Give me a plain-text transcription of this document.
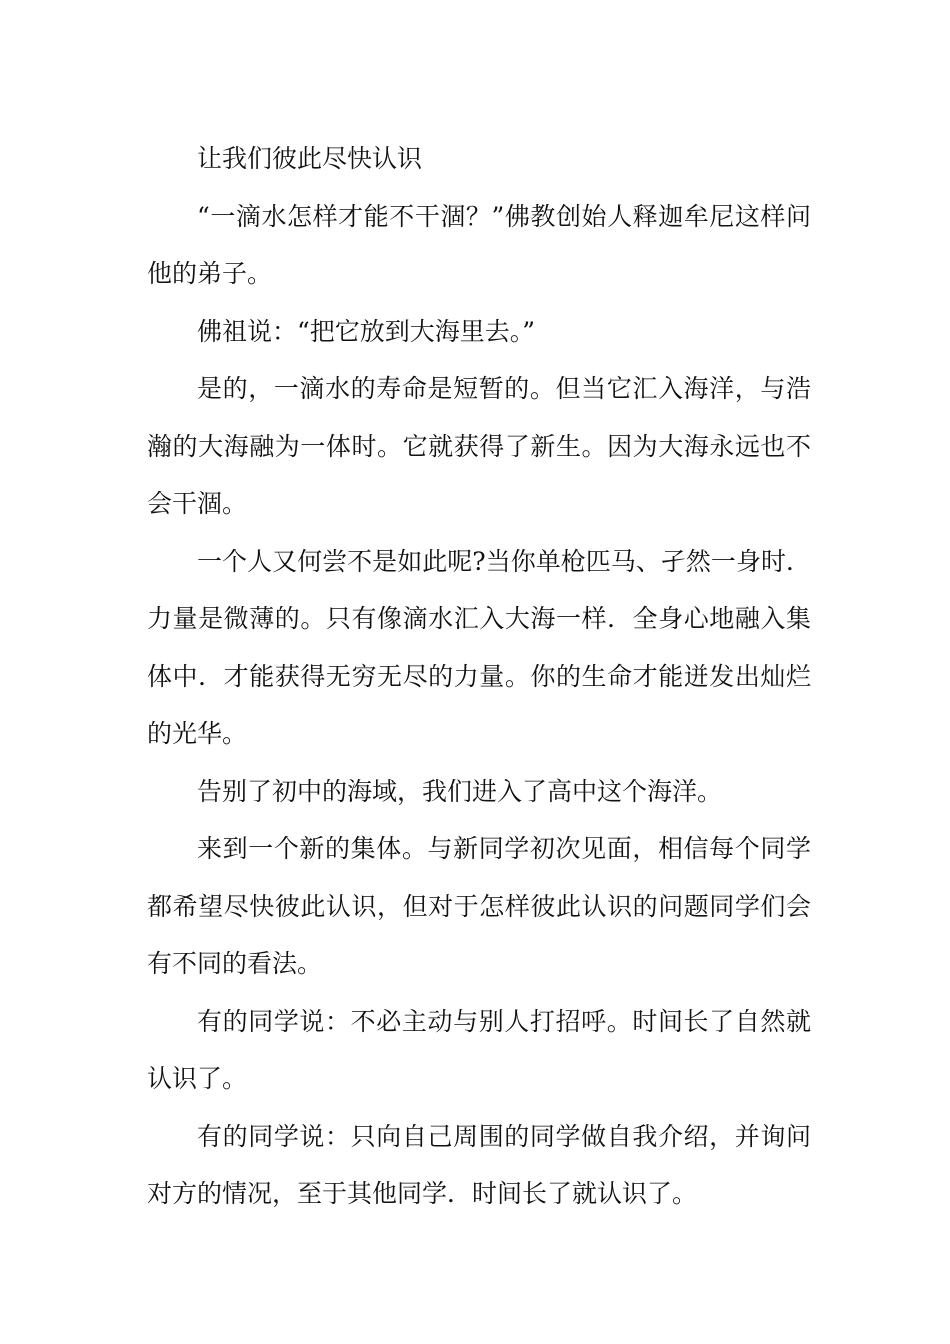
让我们彼此尽快认识

“一滴水怎样才能不干涸？”佛教创始人释迦牟尼这样问他的弟子。

佛祖说：“把它放到大海里去。”

是的，一滴水的寿命是短暂的。但当它汇入海洋，与浩瀚的大海融为一体时。它就获得了新生。因为大海永远也不会干涸。

一个人又何尝不是如此呢?当你单枪匹马、孑然一身时．力量是微薄的。只有像滴水汇入大海一样．全身心地融入集体中．才能获得无穷无尽的力量。你的生命才能迸发出灿烂的光华。

告别了初中的海域，我们进入了高中这个海洋。

来到一个新的集体。与新同学初次见面，相信每个同学都希望尽快彼此认识，但对于怎样彼此认识的问题同学们会有不同的看法。

有的同学说：不必主动与别人打招呼。时间长了自然就认识了。

有的同学说：只向自己周围的同学做自我介绍，并询问对方的情况，至于其他同学．时间长了就认识了。
